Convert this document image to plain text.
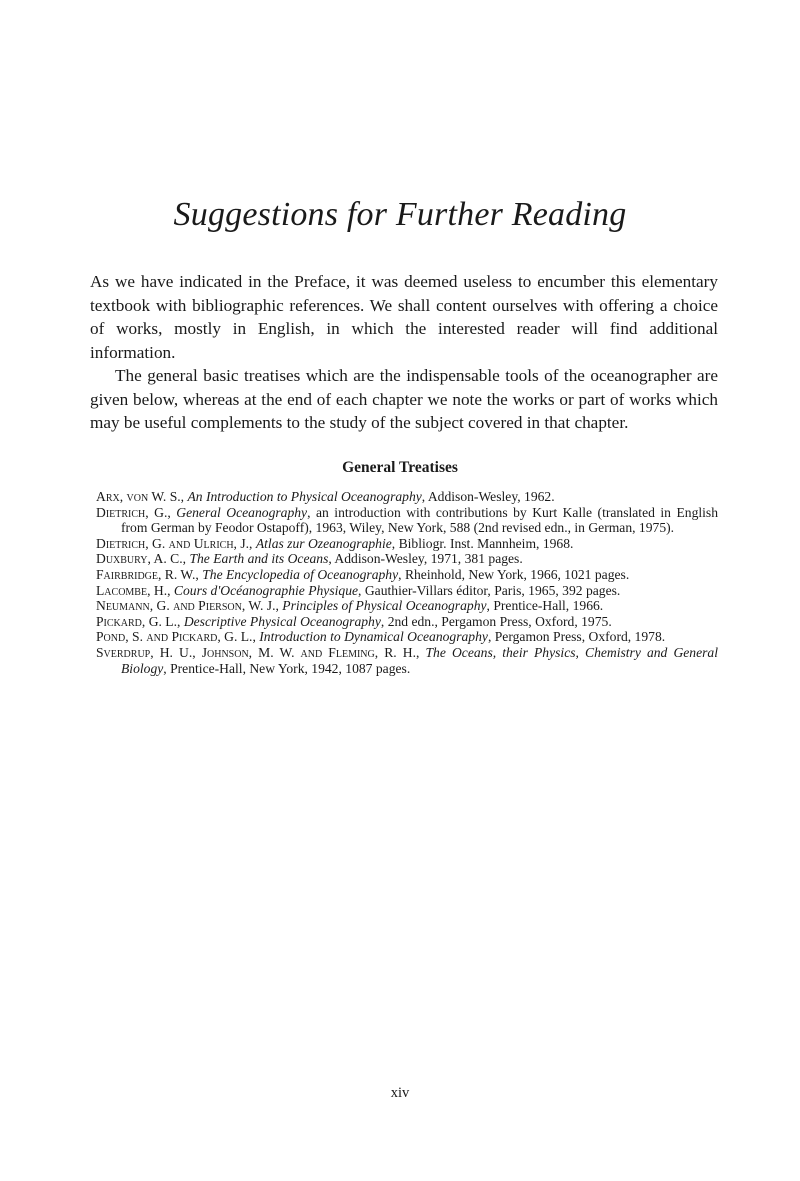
Suggestions for Further Reading

As we have indicated in the Preface, it was deemed useless to encumber this elementary textbook with bibliographic references. We shall content ourselves with offering a choice of works, mostly in English, in which the interested reader will find additional information.

The general basic treatises which are the indispensable tools of the oceanographer are given below, whereas at the end of each chapter we note the works or part of works which may be useful complements to the study of the subject covered in that chapter.

General Treatises
Arx, von W. S., An Introduction to Physical Oceanography, Addison-Wesley, 1962.
Dietrich, G., General Oceanography, an introduction with contributions by Kurt Kalle (translated in English from German by Feodor Ostapoff), 1963, Wiley, New York, 588 (2nd revised edn., in German, 1975).
Dietrich, G. and Ulrich, J., Atlas zur Ozeanographie, Bibliogr. Inst. Mannheim, 1968.
Duxbury, A. C., The Earth and its Oceans, Addison-Wesley, 1971, 381 pages.
Fairbridge, R. W., The Encyclopedia of Oceanography, Rheinhold, New York, 1966, 1021 pages.
Lacombe, H., Cours d'Océanographie Physique, Gauthier-Villars éditor, Paris, 1965, 392 pages.
Neumann, G. and Pierson, W. J., Principles of Physical Oceanography, Prentice-Hall, 1966.
Pickard, G. L., Descriptive Physical Oceanography, 2nd edn., Pergamon Press, Oxford, 1975.
Pond, S. and Pickard, G. L., Introduction to Dynamical Oceanography, Pergamon Press, Oxford, 1978.
Sverdrup, H. U., Johnson, M. W. and Fleming, R. H., The Oceans, their Physics, Chemistry and General Biology, Prentice-Hall, New York, 1942, 1087 pages.
xiv
